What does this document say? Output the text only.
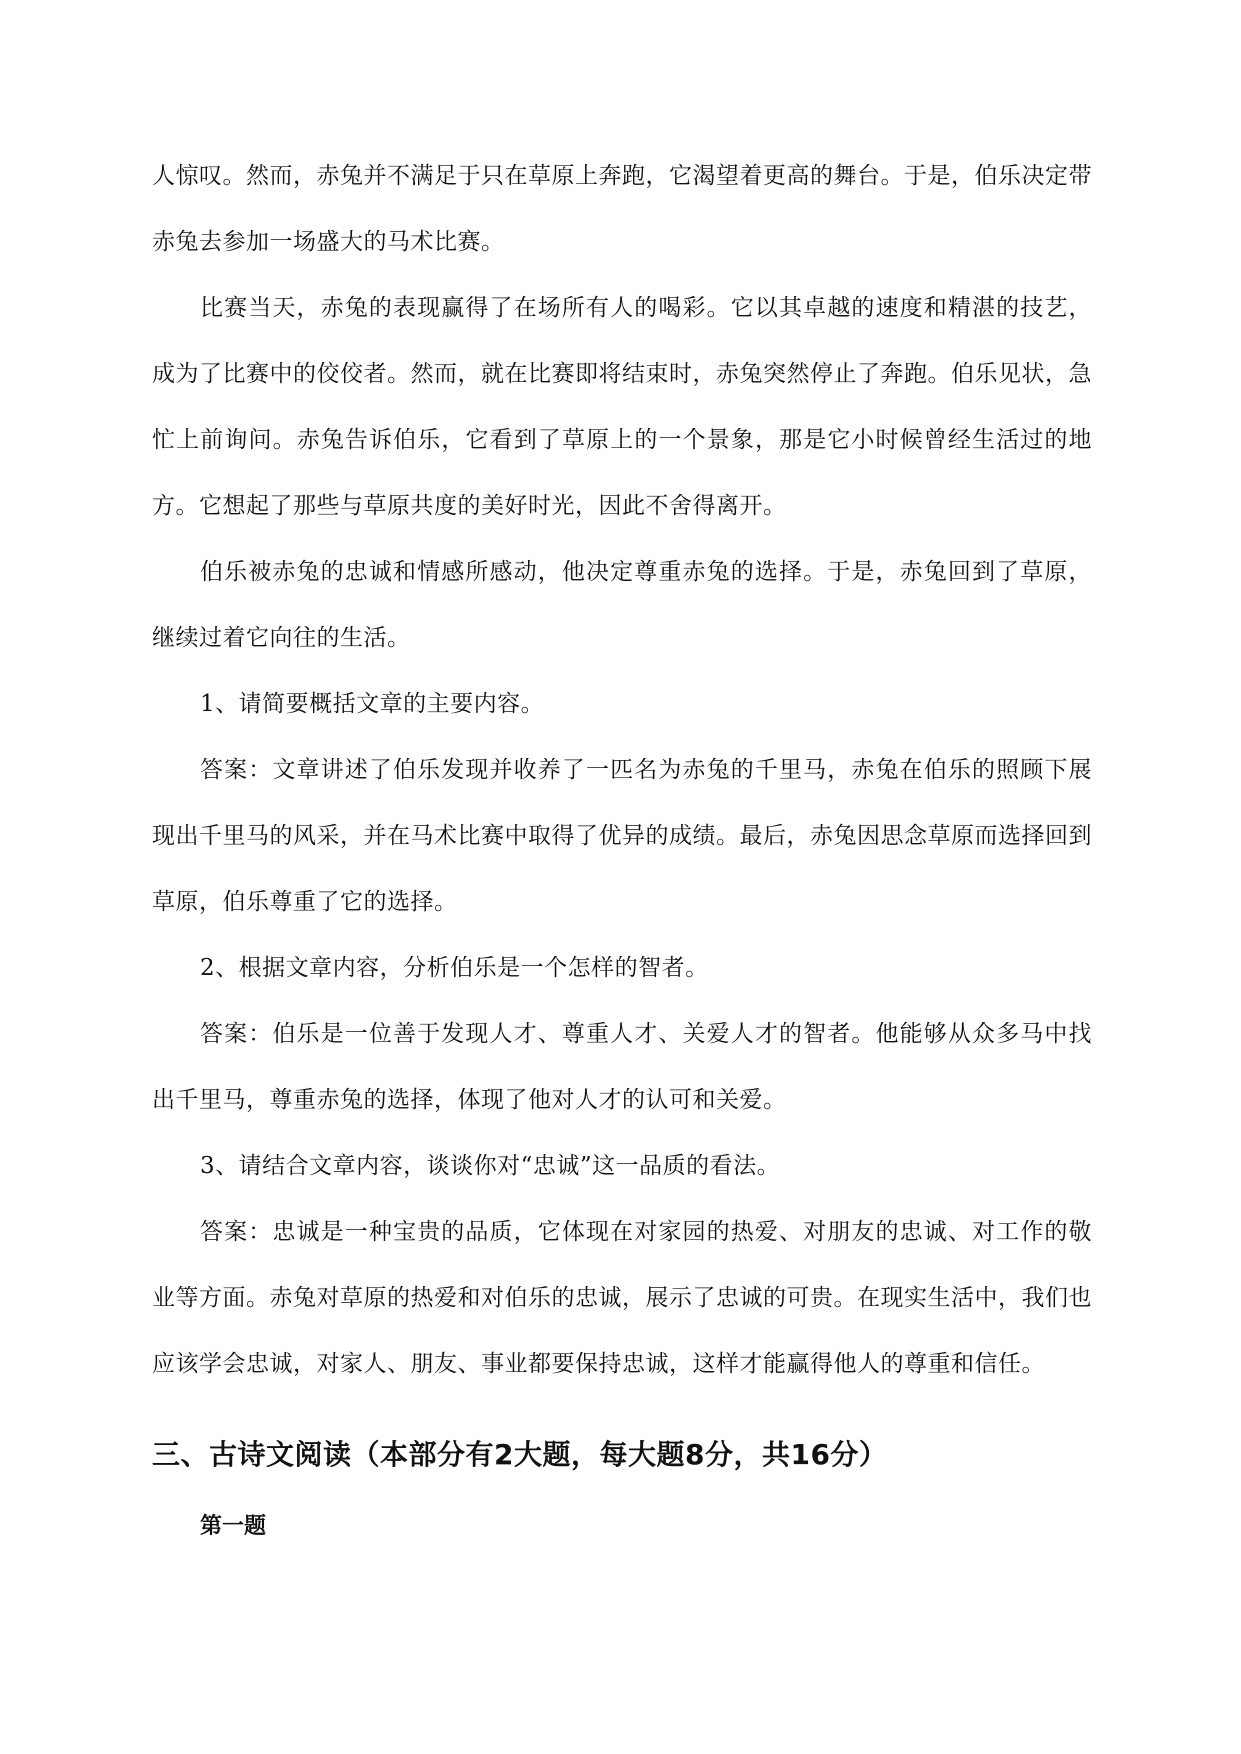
人惊叹。然而，赤兔并不满足于只在草原上奔跑，它渴望着更高的舞台。于是，伯乐决定带赤兔去参加一场盛大的马术比赛。

比赛当天，赤兔的表现赢得了在场所有人的喝彩。它以其卓越的速度和精湛的技艺，成为了比赛中的佼佼者。然而，就在比赛即将结束时，赤兔突然停止了奔跑。伯乐见状，急忙上前询问。赤兔告诉伯乐，它看到了草原上的一个景象，那是它小时候曾经生活过的地方。它想起了那些与草原共度的美好时光，因此不舍得离开。

伯乐被赤兔的忠诚和情感所感动，他决定尊重赤兔的选择。于是，赤兔回到了草原，继续过着它向往的生活。

1、请简要概括文章的主要内容。

答案：文章讲述了伯乐发现并收养了一匹名为赤兔的千里马，赤兔在伯乐的照顾下展现出千里马的风采，并在马术比赛中取得了优异的成绩。最后，赤兔因思念草原而选择回到草原，伯乐尊重了它的选择。

2、根据文章内容，分析伯乐是一个怎样的智者。

答案：伯乐是一位善于发现人才、尊重人才、关爱人才的智者。他能够从众多马中找出千里马，尊重赤兔的选择，体现了他对人才的认可和关爱。

3、请结合文章内容，谈谈你对“忠诚”这一品质的看法。

答案：忠诚是一种宝贵的品质，它体现在对家园的热爱、对朋友的忠诚、对工作的敬业等方面。赤兔对草原的热爱和对伯乐的忠诚，展示了忠诚的可贵。在现实生活中，我们也应该学会忠诚，对家人、朋友、事业都要保持忠诚，这样才能赢得他人的尊重和信任。

三、古诗文阅读（本部分有2大题，每大题8分，共16分）
第一题
